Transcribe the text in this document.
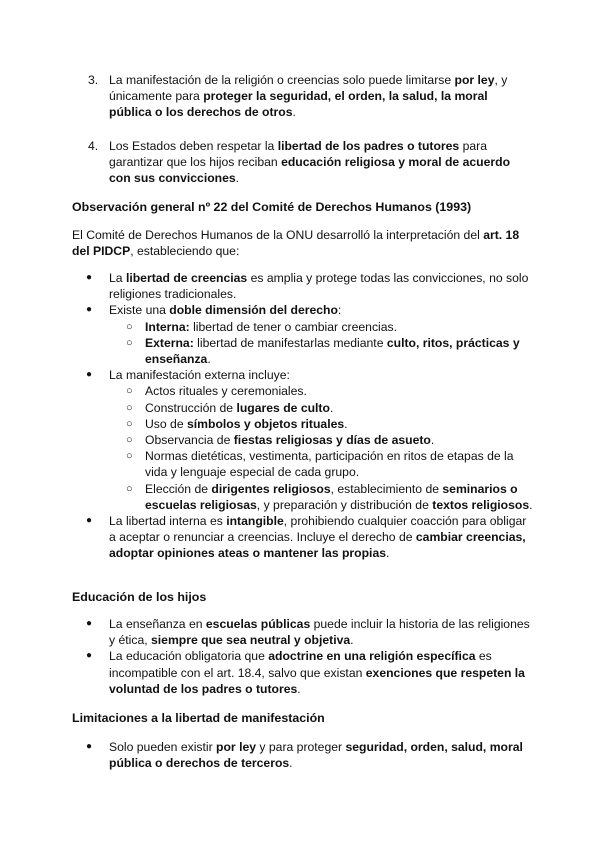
3. La manifestación de la religión o creencias solo puede limitarse por ley, y únicamente para proteger la seguridad, el orden, la salud, la moral pública o los derechos de otros.
4. Los Estados deben respetar la libertad de los padres o tutores para garantizar que los hijos reciban educación religiosa y moral de acuerdo con sus convicciones.
Observación general nº 22 del Comité de Derechos Humanos (1993)

El Comité de Derechos Humanos de la ONU desarrolló la interpretación del art. 18 del PIDCP, estableciendo que:

● La libertad de creencias es amplia y protege todas las convicciones, no solo religiones tradicionales.
● Existe una doble dimensión del derecho:
○ Interna: libertad de tener o cambiar creencias.
○ Externa: libertad de manifestarlas mediante culto, ritos, prácticas y enseñanza.
● La manifestación externa incluye:
○ Actos rituales y ceremoniales.
○ Construcción de lugares de culto.
○ Uso de símbolos y objetos rituales.
○ Observancia de fiestas religiosas y días de asueto.
○ Normas dietéticas, vestimenta, participación en ritos de etapas de la vida y lenguaje especial de cada grupo.
○ Elección de dirigentes religiosos, establecimiento de seminarios o escuelas religiosas, y preparación y distribución de textos religiosos.
● La libertad interna es intangible, prohibiendo cualquier coacción para obligar a aceptar o renunciar a creencias. Incluye el derecho de cambiar creencias, adoptar opiniones ateas o mantener las propias.
Educación de los hijos
● La enseñanza en escuelas públicas puede incluir la historia de las religiones y ética, siempre que sea neutral y objetiva.
● La educación obligatoria que adoctrine en una religión específica es incompatible con el art. 18.4, salvo que existan exenciones que respeten la voluntad de los padres o tutores.
Limitaciones a la libertad de manifestación
● Solo pueden existir por ley y para proteger seguridad, orden, salud, moral pública o derechos de terceros.
